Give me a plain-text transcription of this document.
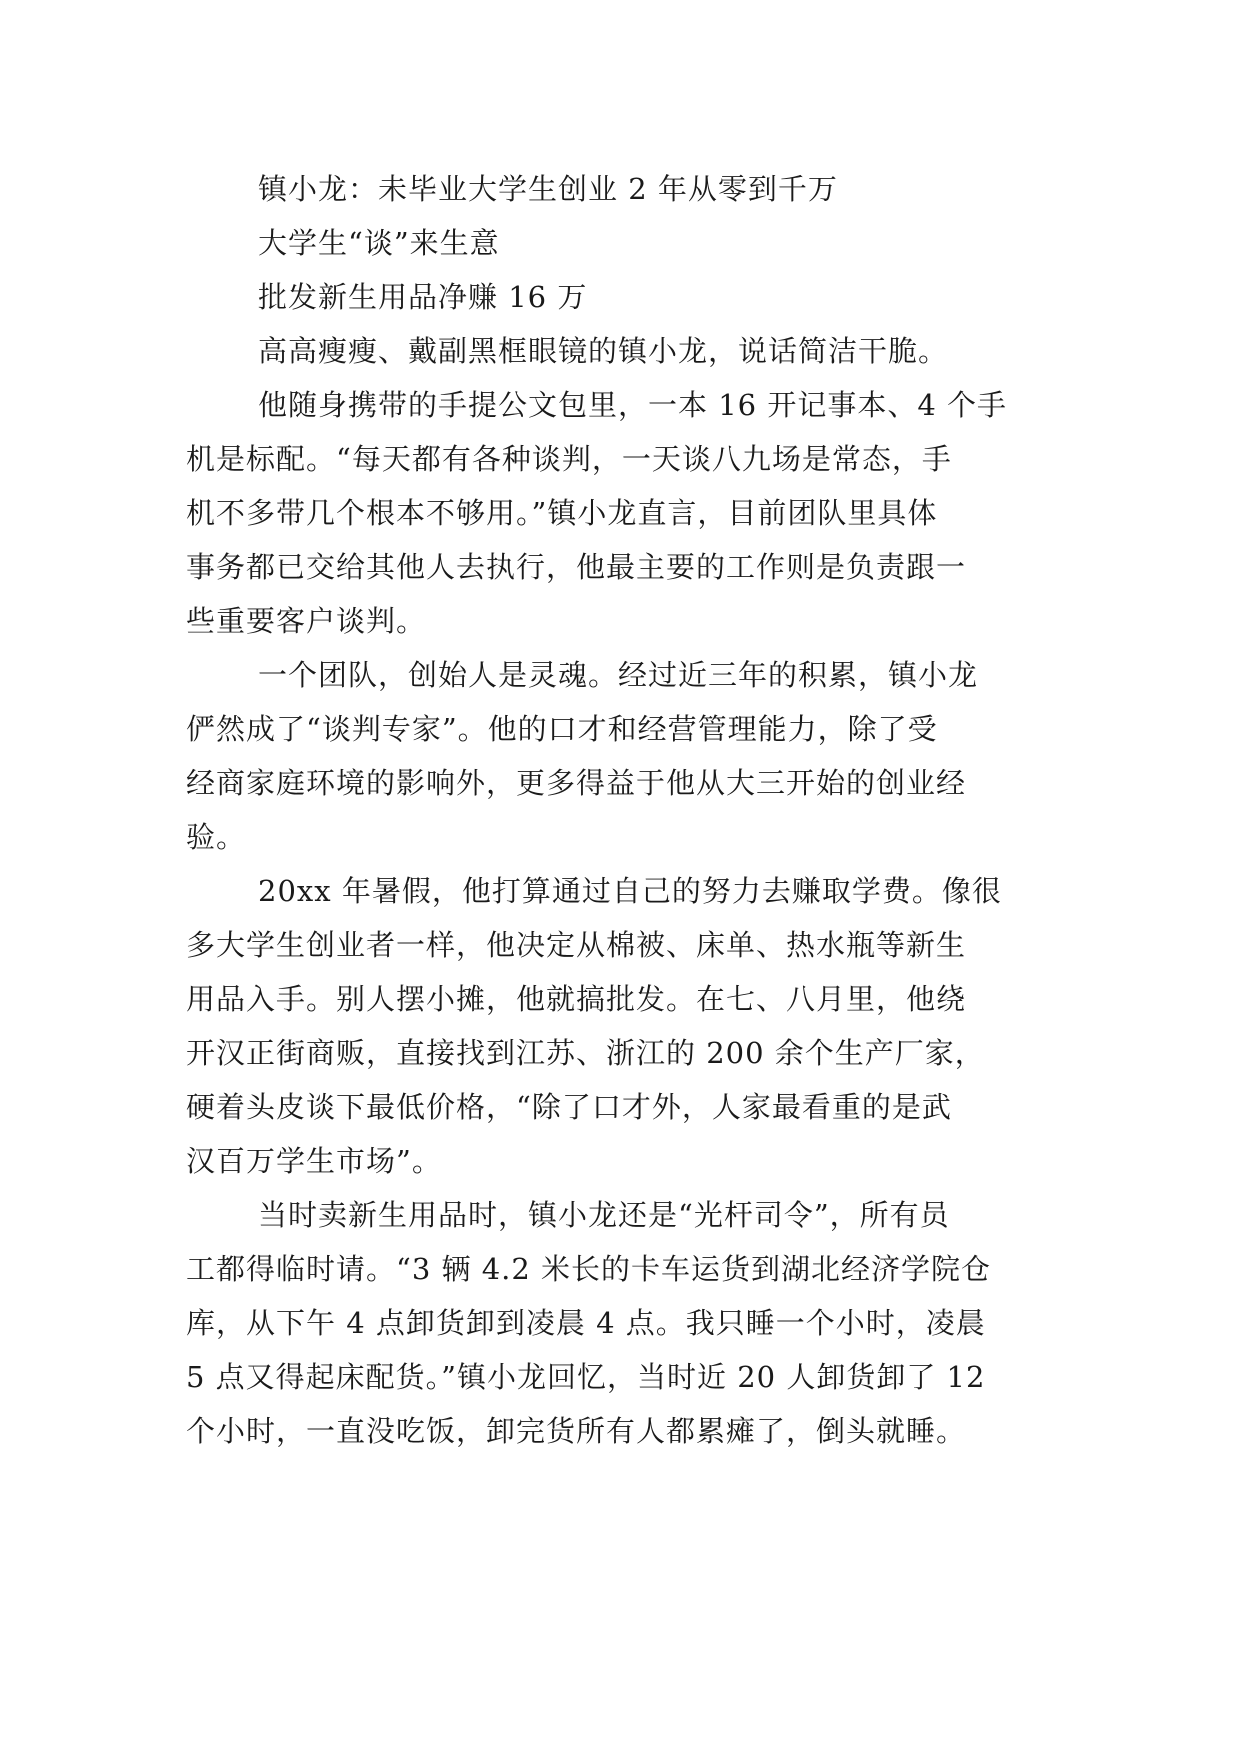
镇小龙：未毕业大学生创业 2 年从零到千万
大学生“谈”来生意
批发新生用品净赚 16 万
高高瘦瘦、戴副黑框眼镜的镇小龙，说话简洁干脆。
他随身携带的手提公文包里，一本 16 开记事本、4 个手
机是标配。“每天都有各种谈判，一天谈八九场是常态，手
机不多带几个根本不够用。”镇小龙直言，目前团队里具体
事务都已交给其他人去执行，他最主要的工作则是负责跟一
些重要客户谈判。
一个团队，创始人是灵魂。经过近三年的积累，镇小龙
俨然成了“谈判专家”。他的口才和经营管理能力，除了受
经商家庭环境的影响外，更多得益于他从大三开始的创业经
验。
20xx 年暑假，他打算通过自己的努力去赚取学费。像很
多大学生创业者一样，他决定从棉被、床单、热水瓶等新生
用品入手。别人摆小摊，他就搞批发。在七、八月里，他绕
开汉正街商贩，直接找到江苏、浙江的 200 余个生产厂家，
硬着头皮谈下最低价格，“除了口才外，人家最看重的是武
汉百万学生市场”。
当时卖新生用品时，镇小龙还是“光杆司令”，所有员
工都得临时请。“3 辆 4.2 米长的卡车运货到湖北经济学院仓
库，从下午 4 点卸货卸到凌晨 4 点。我只睡一个小时，凌晨
5 点又得起床配货。”镇小龙回忆，当时近 20 人卸货卸了 12
个小时，一直没吃饭，卸完货所有人都累瘫了，倒头就睡。
